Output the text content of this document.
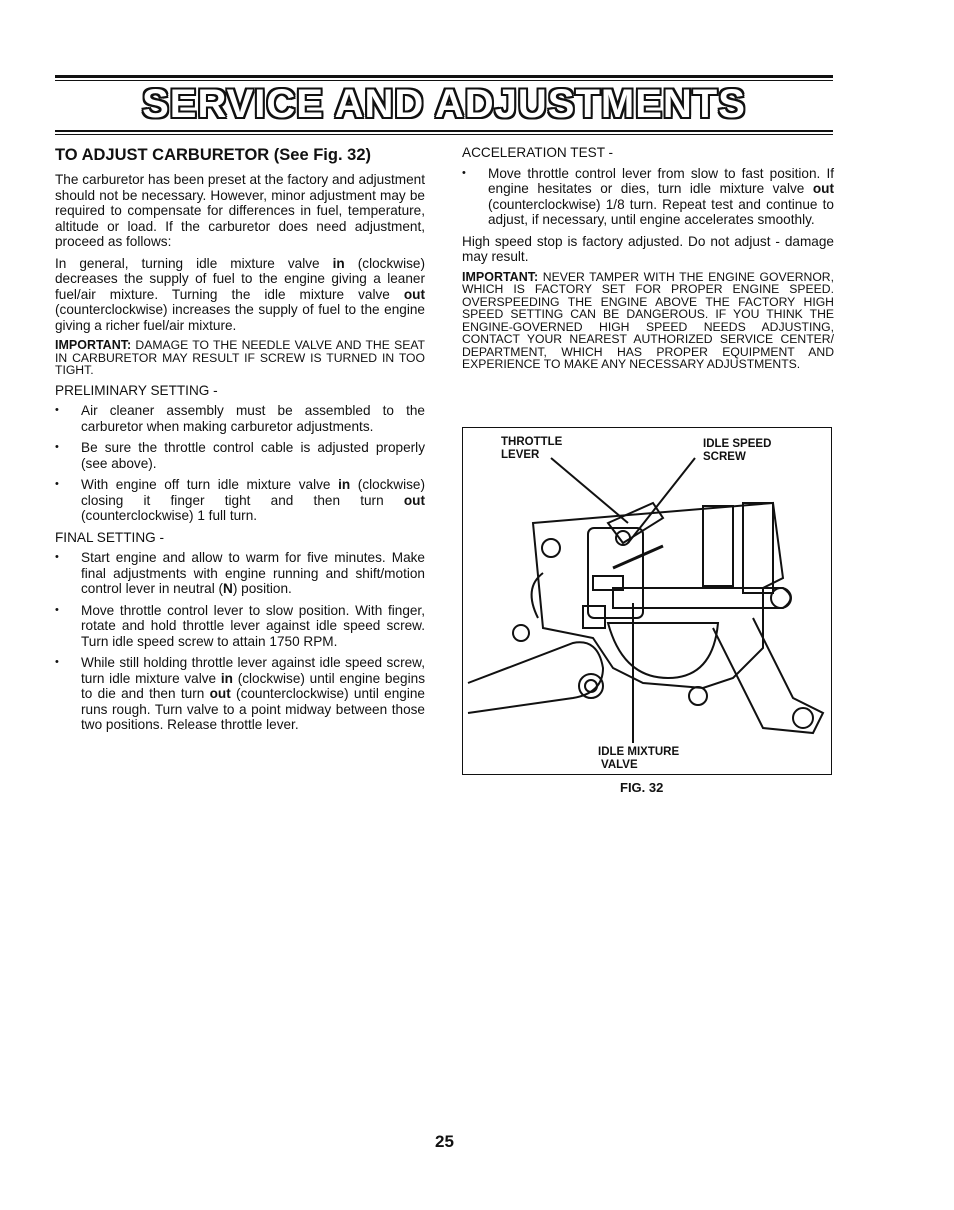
SERVICE AND ADJUSTMENTS
TO ADJUST CARBURETOR (See Fig. 32)

The carburetor has been preset at the factory and adjustment should not be necessary. However, minor adjustment may be required to compensate for differences in fuel, temperature, altitude or load. If the carburetor does need adjustment, proceed as follows:

In general, turning idle mixture valve in (clockwise) decreases the supply of fuel to the engine giving a leaner fuel/air mixture. Turning the idle mixture valve out (counterclockwise) increases the supply of fuel to the engine giving a richer fuel/air mixture.

IMPORTANT: DAMAGE TO THE NEEDLE VALVE AND THE SEAT IN CARBURETOR MAY RESULT IF SCREW IS TURNED IN TOO TIGHT.
PRELIMINARY SETTING -
• Air cleaner assembly must be assembled to the carburetor when making carburetor adjustments.
• Be sure the throttle control cable is adjusted properly (see above).
• With engine off turn idle mixture valve in (clockwise) closing it finger tight and then turn out (counterclockwise) 1 full turn.
FINAL SETTING -
• Start engine and allow to warm for five minutes. Make final adjustments with engine running and shift/motion control lever in neutral (N) position.
• Move throttle control lever to slow position. With finger, rotate and hold throttle lever against idle speed screw. Turn idle speed screw to attain 1750 RPM.
• While still holding throttle lever against idle speed screw, turn idle mixture valve in (clockwise) until engine begins to die and then turn out (counterclockwise) until engine runs rough. Turn valve to a point midway between those two positions. Release throttle lever.
ACCELERATION TEST -
• Move throttle control lever from slow to fast position. If engine hesitates or dies, turn idle mixture valve out (counterclockwise) 1/8 turn. Repeat test and continue to adjust, if necessary, until engine accelerates smoothly.

High speed stop is factory adjusted. Do not adjust - damage may result.

IMPORTANT: NEVER TAMPER WITH THE ENGINE GOVERNOR, WHICH IS FACTORY SET FOR PROPER ENGINE SPEED. OVERSPEEDING THE ENGINE ABOVE THE FACTORY HIGH SPEED SETTING CAN BE DANGEROUS. IF YOU THINK THE ENGINE-GOVERNED HIGH SPEED NEEDS ADJUSTING, CONTACT YOUR NEAREST AUTHORIZED SERVICE CENTER/ DEPARTMENT, WHICH HAS PROPER EQUIPMENT AND EXPERIENCE TO MAKE ANY NECESSARY ADJUSTMENTS.
THROTTLE
LEVER
IDLE SPEED
SCREW
IDLE MIXTURE
VALVE
FIG. 32
25
